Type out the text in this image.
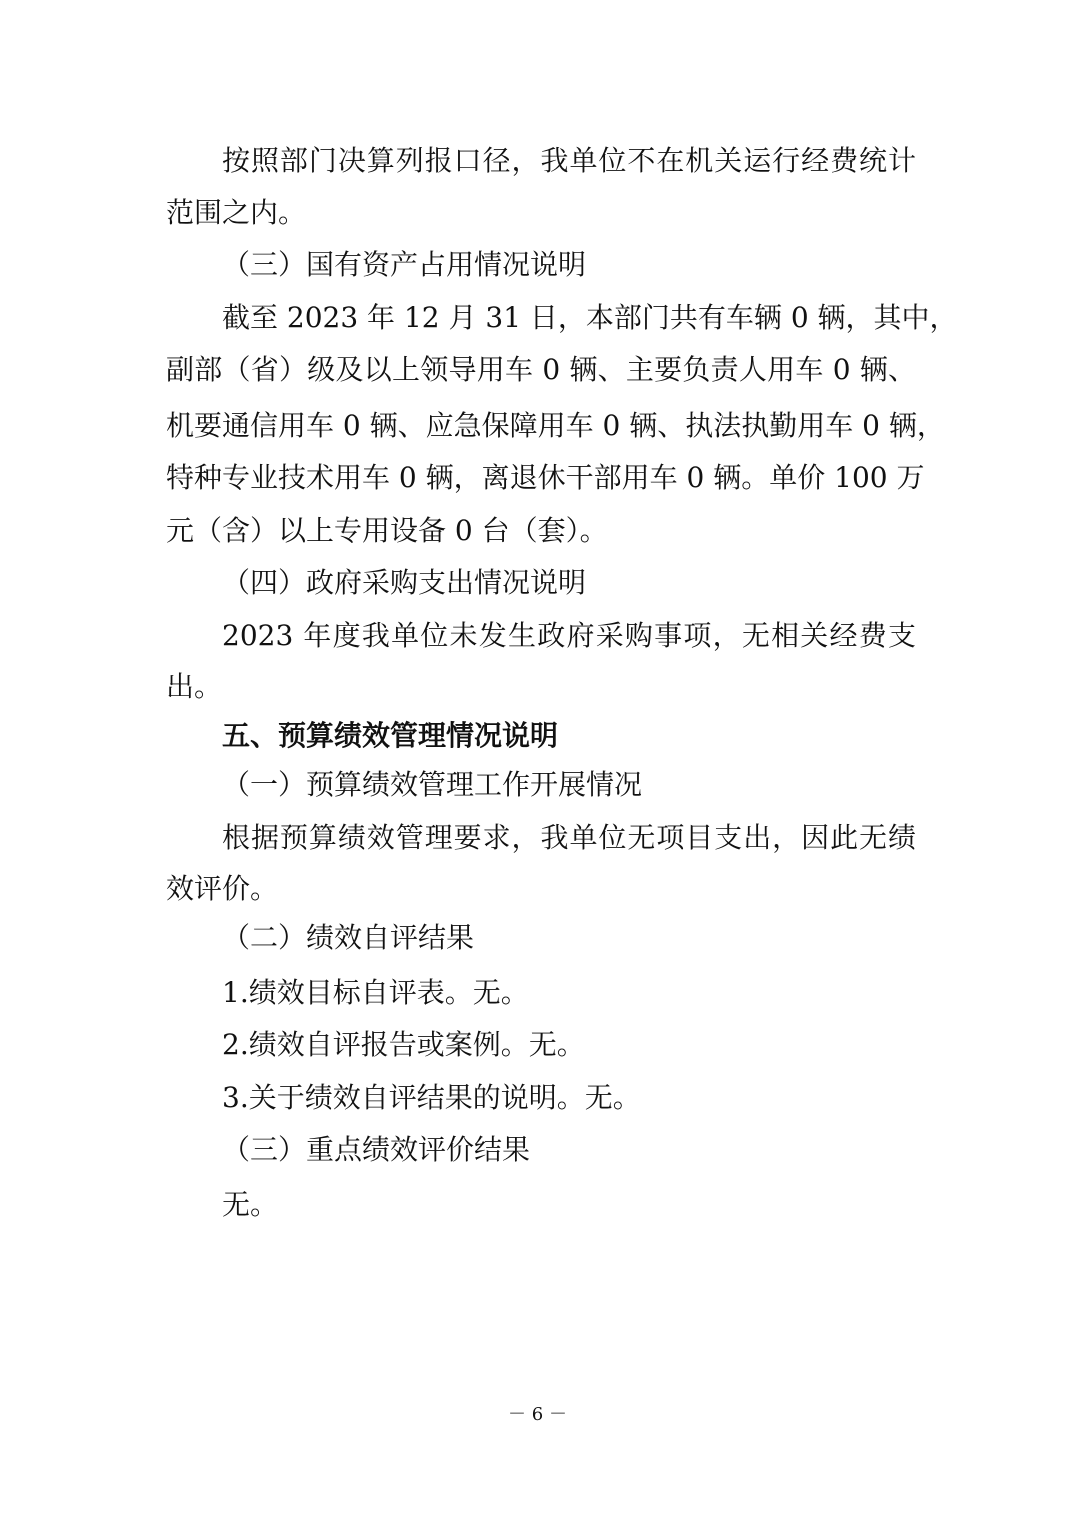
按照部门决算列报口径，我单位不在机关运行经费统计
范围之内。
（三）国有资产占用情况说明
截至 2023 年 12 月 31 日，本部门共有车辆 0 辆，其中，
副部（省）级及以上领导用车 0 辆、主要负责人用车 0 辆、
机要通信用车 0 辆、应急保障用车 0 辆、执法执勤用车 0 辆，
特种专业技术用车 0 辆，离退休干部用车 0 辆。单价 100 万
元（含）以上专用设备 0 台（套）。
（四）政府采购支出情况说明
2023 年度我单位未发生政府采购事项，无相关经费支
出。
五、预算绩效管理情况说明
（一）预算绩效管理工作开展情况
根据预算绩效管理要求，我单位无项目支出，因此无绩
效评价。
（二）绩效自评结果
1.绩效目标自评表。无。
2.绩效自评报告或案例。无。
3.关于绩效自评结果的说明。无。
（三）重点绩效评价结果
无。
－ 6 －
